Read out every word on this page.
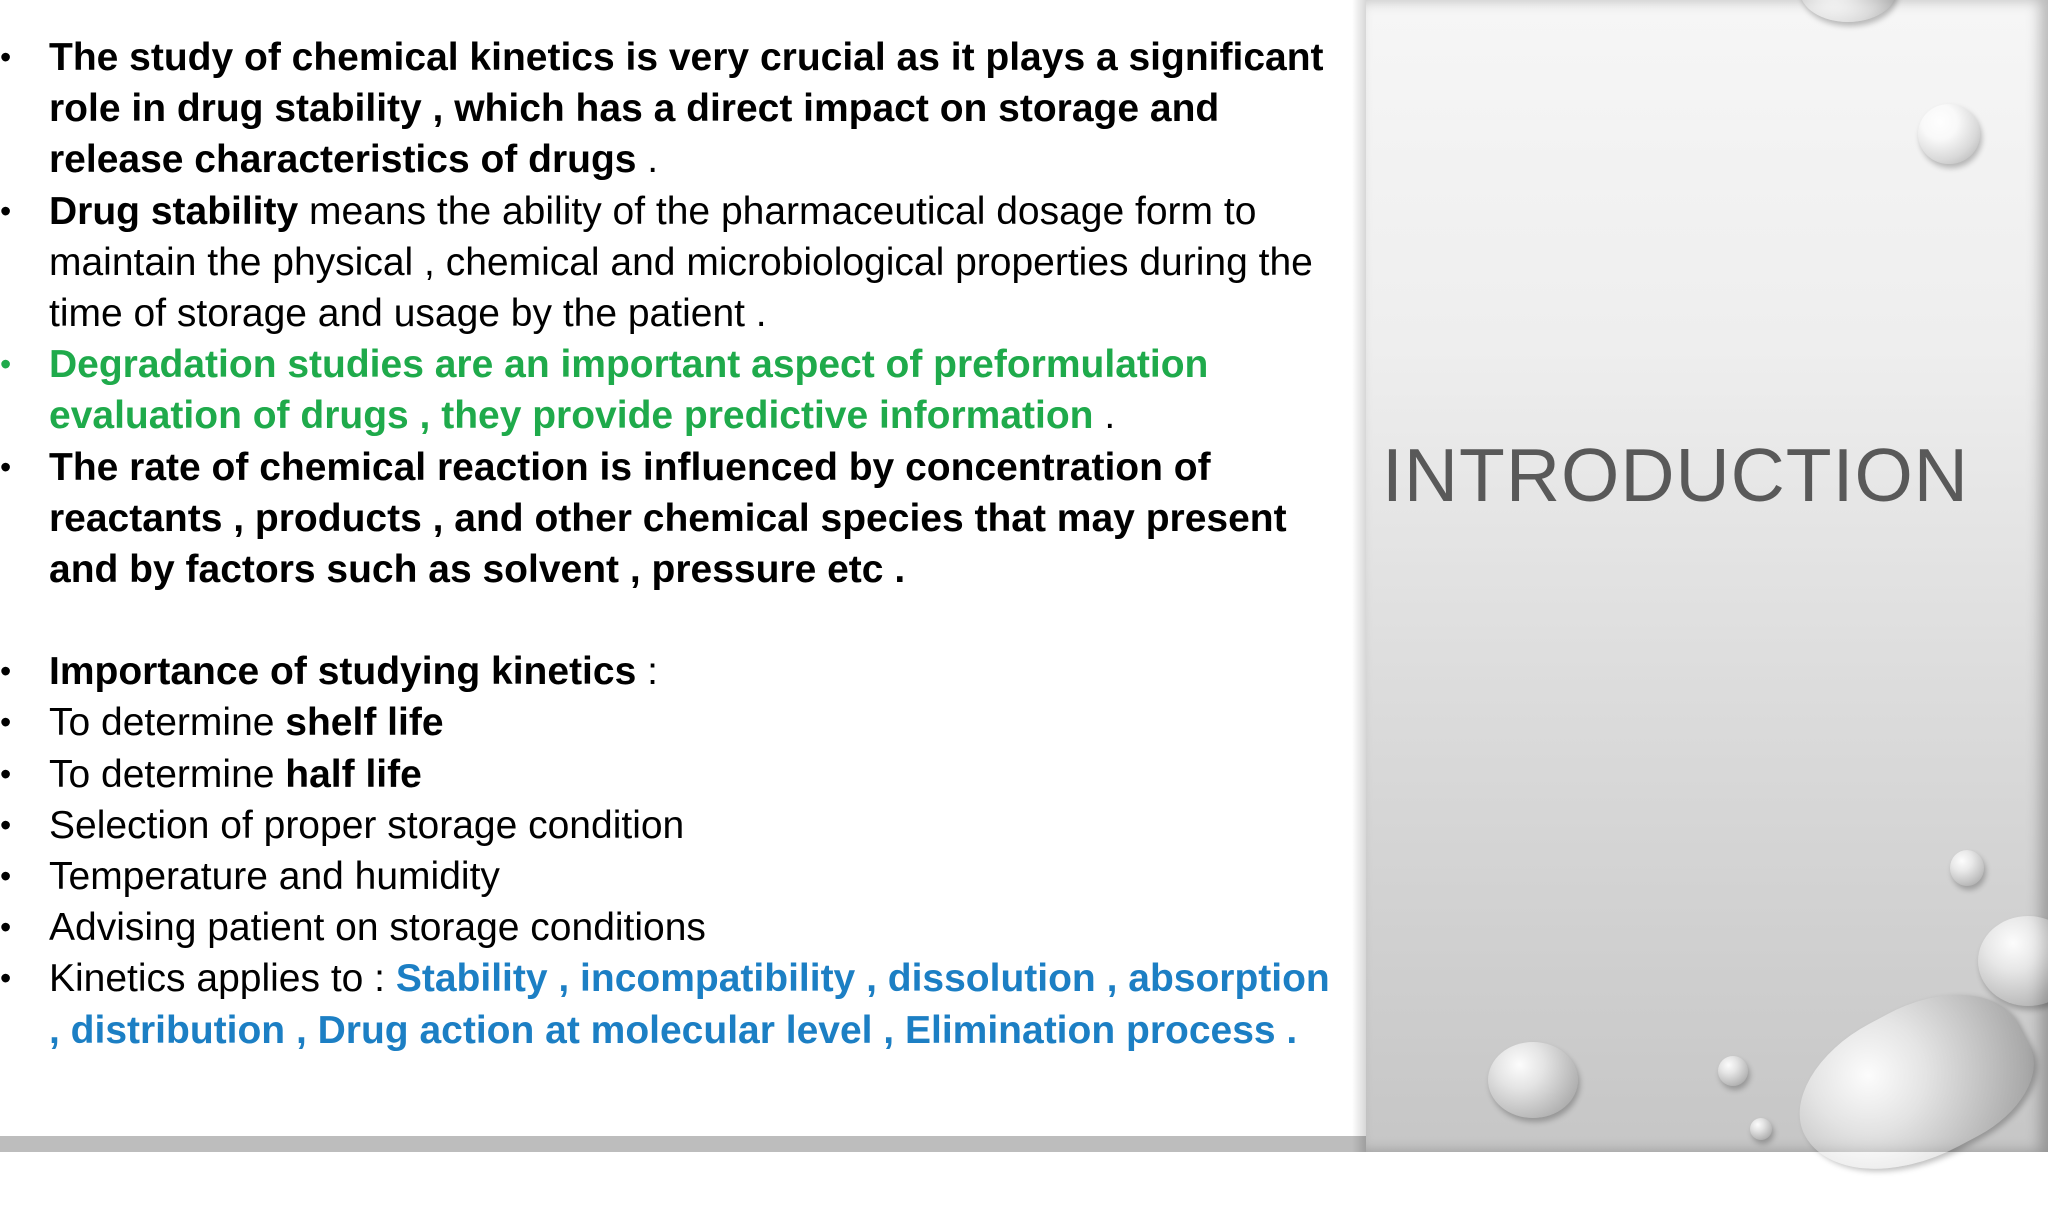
• The study of chemical kinetics is very crucial as it plays a significant role in drug stability , which has a direct impact on storage and release characteristics of drugs .
• Drug stability means the ability of the pharmaceutical dosage form to maintain the physical , chemical and microbiological properties during the time of storage and usage by the patient .
• Degradation studies are an important aspect of preformulation evaluation of drugs , they provide predictive information .
• The rate of chemical reaction is influenced by concentration of reactants , products , and other chemical species that may present and by factors such as solvent , pressure etc .
• Importance of studying kinetics :
• To determine shelf life
• To determine half life
• Selection of proper storage condition
• Temperature and humidity
• Advising patient on storage conditions
• Kinetics applies to : Stability , incompatibility , dissolution , absorption , distribution , Drug action at molecular level , Elimination process .
INTRODUCTION
